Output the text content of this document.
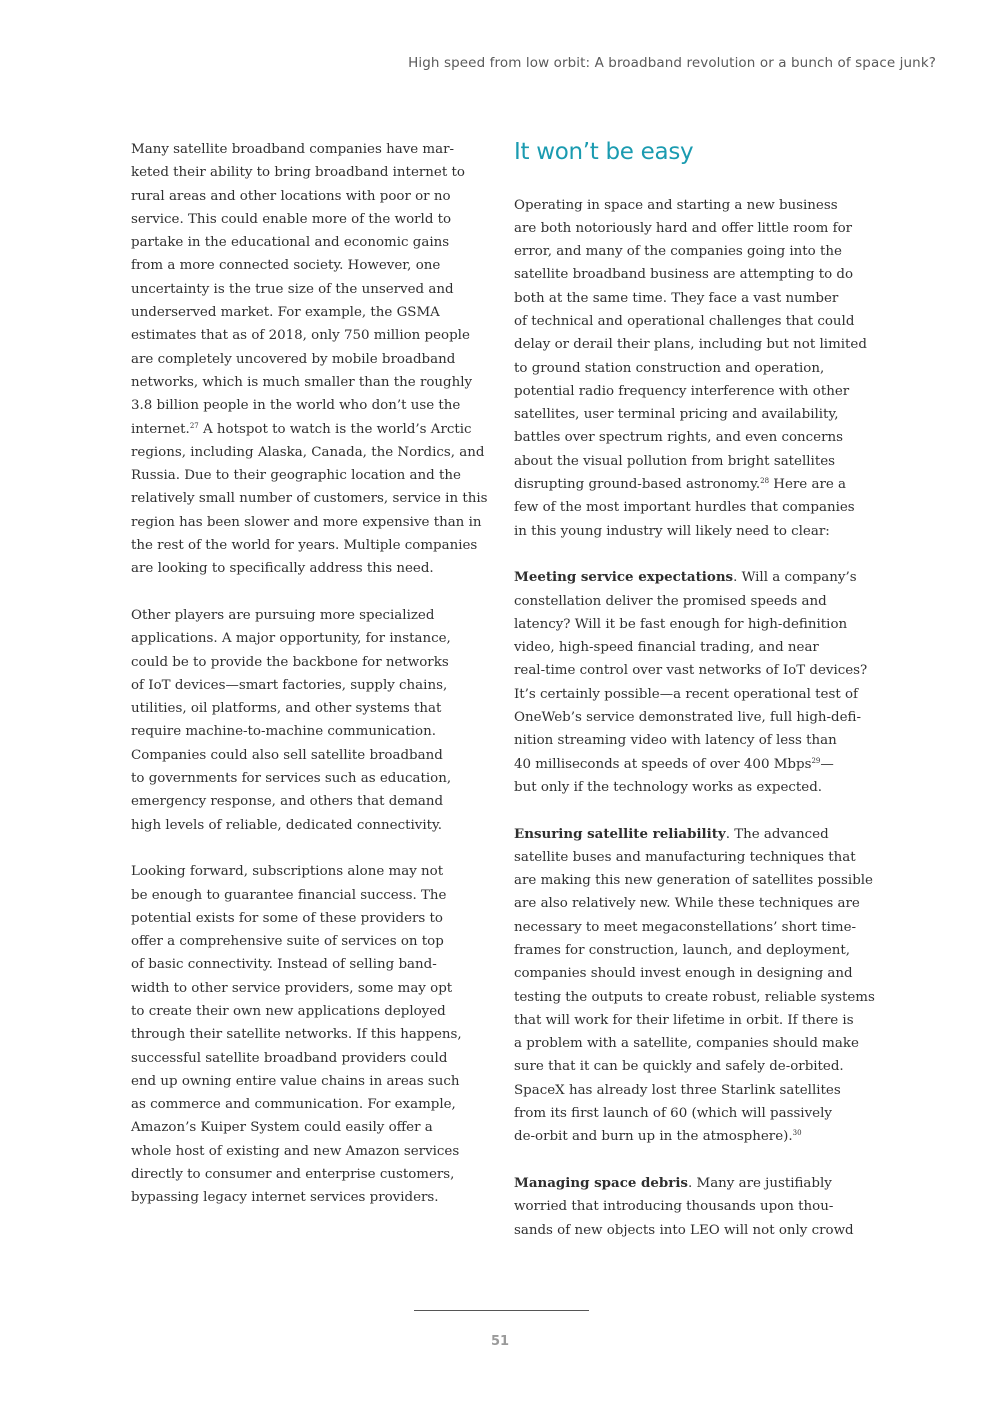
High speed from low orbit: A broadband revolution or a bunch of space junk?
Many satellite broadband companies have mar-
keted their ability to bring broadband internet to
rural areas and other locations with poor or no
service. This could enable more of the world to
partake in the educational and economic gains
from a more connected society. However, one
uncertainty is the true size of the unserved and
underserved market. For example, the GSMA
estimates that as of 2018, only 750 million people
are completely uncovered by mobile broadband
networks, which is much smaller than the roughly
3.8 billion people in the world who don’t use the
internet.$^{27}$ A hotspot to watch is the world’s Arctic
regions, including Alaska, Canada, the Nordics, and
Russia. Due to their geographic location and the
relatively small number of customers, service in this
region has been slower and more expensive than in
the rest of the world for years. Multiple companies
are looking to specifically address this need.
Other players are pursuing more specialized
applications. A major opportunity, for instance,
could be to provide the backbone for networks
of IoT devices—smart factories, supply chains,
utilities, oil platforms, and other systems that
require machine-to-machine communication.
Companies could also sell satellite broadband
to governments for services such as education,
emergency response, and others that demand
high levels of reliable, dedicated connectivity.
Looking forward, subscriptions alone may not
be enough to guarantee financial success. The
potential exists for some of these providers to
offer a comprehensive suite of services on top
of basic connectivity. Instead of selling band-
width to other service providers, some may opt
to create their own new applications deployed
through their satellite networks. If this happens,
successful satellite broadband providers could
end up owning entire value chains in areas such
as commerce and communication. For example,
Amazon’s Kuiper System could easily offer a
whole host of existing and new Amazon services
directly to consumer and enterprise customers,
bypassing legacy internet services providers.
It won’t be easy
Operating in space and starting a new business
are both notoriously hard and offer little room for
error, and many of the companies going into the
satellite broadband business are attempting to do
both at the same time. They face a vast number
of technical and operational challenges that could
delay or derail their plans, including but not limited
to ground station construction and operation,
potential radio frequency interference with other
satellites, user terminal pricing and availability,
battles over spectrum rights, and even concerns
about the visual pollution from bright satellites
disrupting ground-based astronomy.$^{28}$ Here are a
few of the most important hurdles that companies
in this young industry will likely need to clear:
Meeting service expectations. Will a company’s
constellation deliver the promised speeds and
latency? Will it be fast enough for high-definition
video, high-speed financial trading, and near
real-time control over vast networks of IoT devices?
It’s certainly possible—a recent operational test of
OneWeb’s service demonstrated live, full high-defi-
nition streaming video with latency of less than
40 milliseconds at speeds of over 400 Mbps$^{29}$—
but only if the technology works as expected.
Ensuring satellite reliability. The advanced
satellite buses and manufacturing techniques that
are making this new generation of satellites possible
are also relatively new. While these techniques are
necessary to meet megaconstellations’ short time-
frames for construction, launch, and deployment,
companies should invest enough in designing and
testing the outputs to create robust, reliable systems
that will work for their lifetime in orbit. If there is
a problem with a satellite, companies should make
sure that it can be quickly and safely de-orbited.
SpaceX has already lost three Starlink satellites
from its first launch of 60 (which will passively
de-orbit and burn up in the atmosphere).$^{30}$
Managing space debris. Many are justifiably
worried that introducing thousands upon thou-
sands of new objects into LEO will not only crowd
51
